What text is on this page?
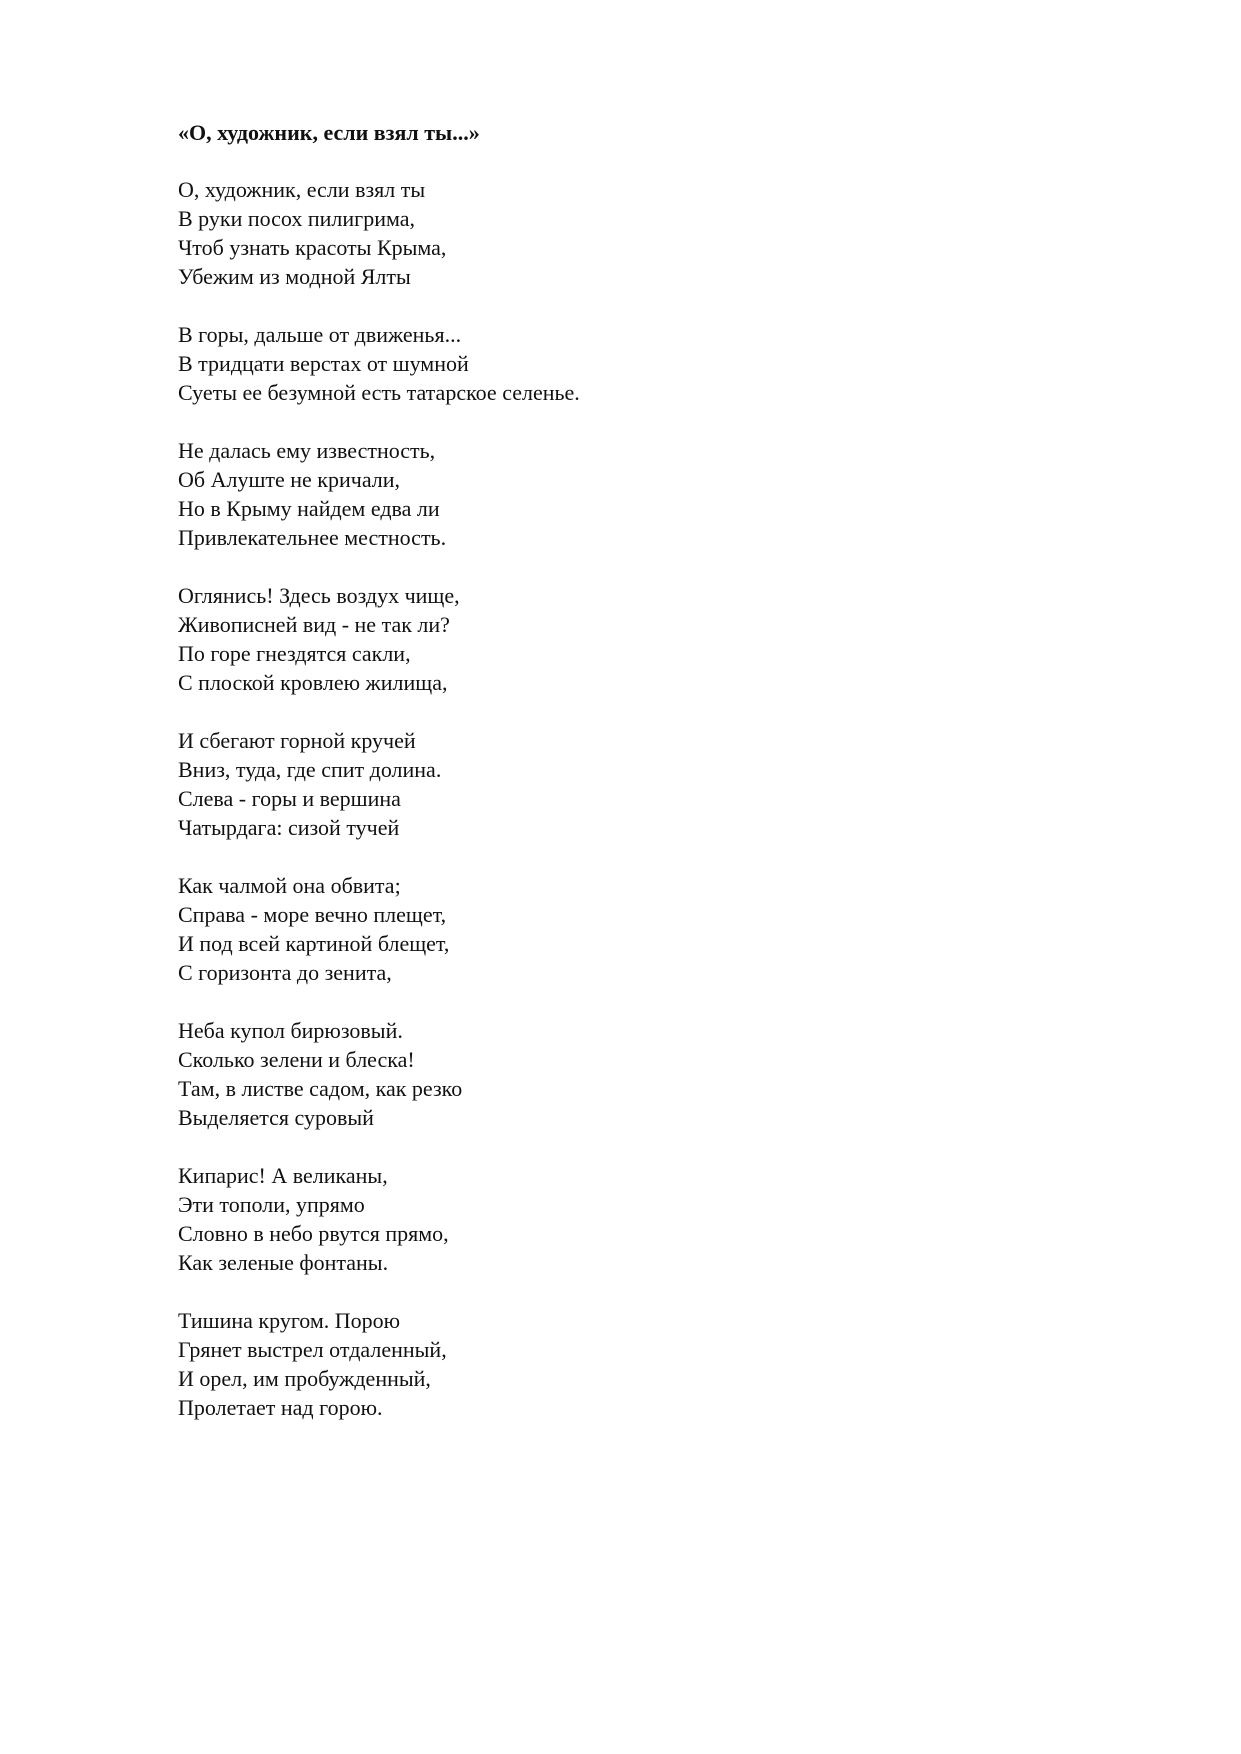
«О, художник, если взял ты...»

О, художник, если взял ты

В руки посох пилигрима,

Чтоб узнать красоты Крыма,

Убежим из модной Ялты

В горы, дальше от движенья...

В тридцати верстах от шумной

Суеты ее безумной есть татарское селенье.

Не далась ему известность,

Об Алуште не кричали,

Но в Крыму найдем едва ли

Привлекательнее местность.

Оглянись! Здесь воздух чище,

Живописней вид - не так ли?

По горе гнездятся сакли,

С плоской кровлею жилища,

И сбегают горной кручей

Вниз, туда, где спит долина.

Слева - горы и вершина

Чатырдага: сизой тучей

Как чалмой она обвита;

Справа - море вечно плещет,

И под всей картиной блещет,

С горизонта до зенита,

Неба купол бирюзовый.

Сколько зелени и блеска!

Там, в листве садом, как резко

Выделяется суровый

Кипарис! А великаны,

Эти тополи, упрямо

Словно в небо рвутся прямо,

Как зеленые фонтаны.

Тишина кругом. Порою

Грянет выстрел отдаленный,

И орел, им пробужденный,

Пролетает над горою.
